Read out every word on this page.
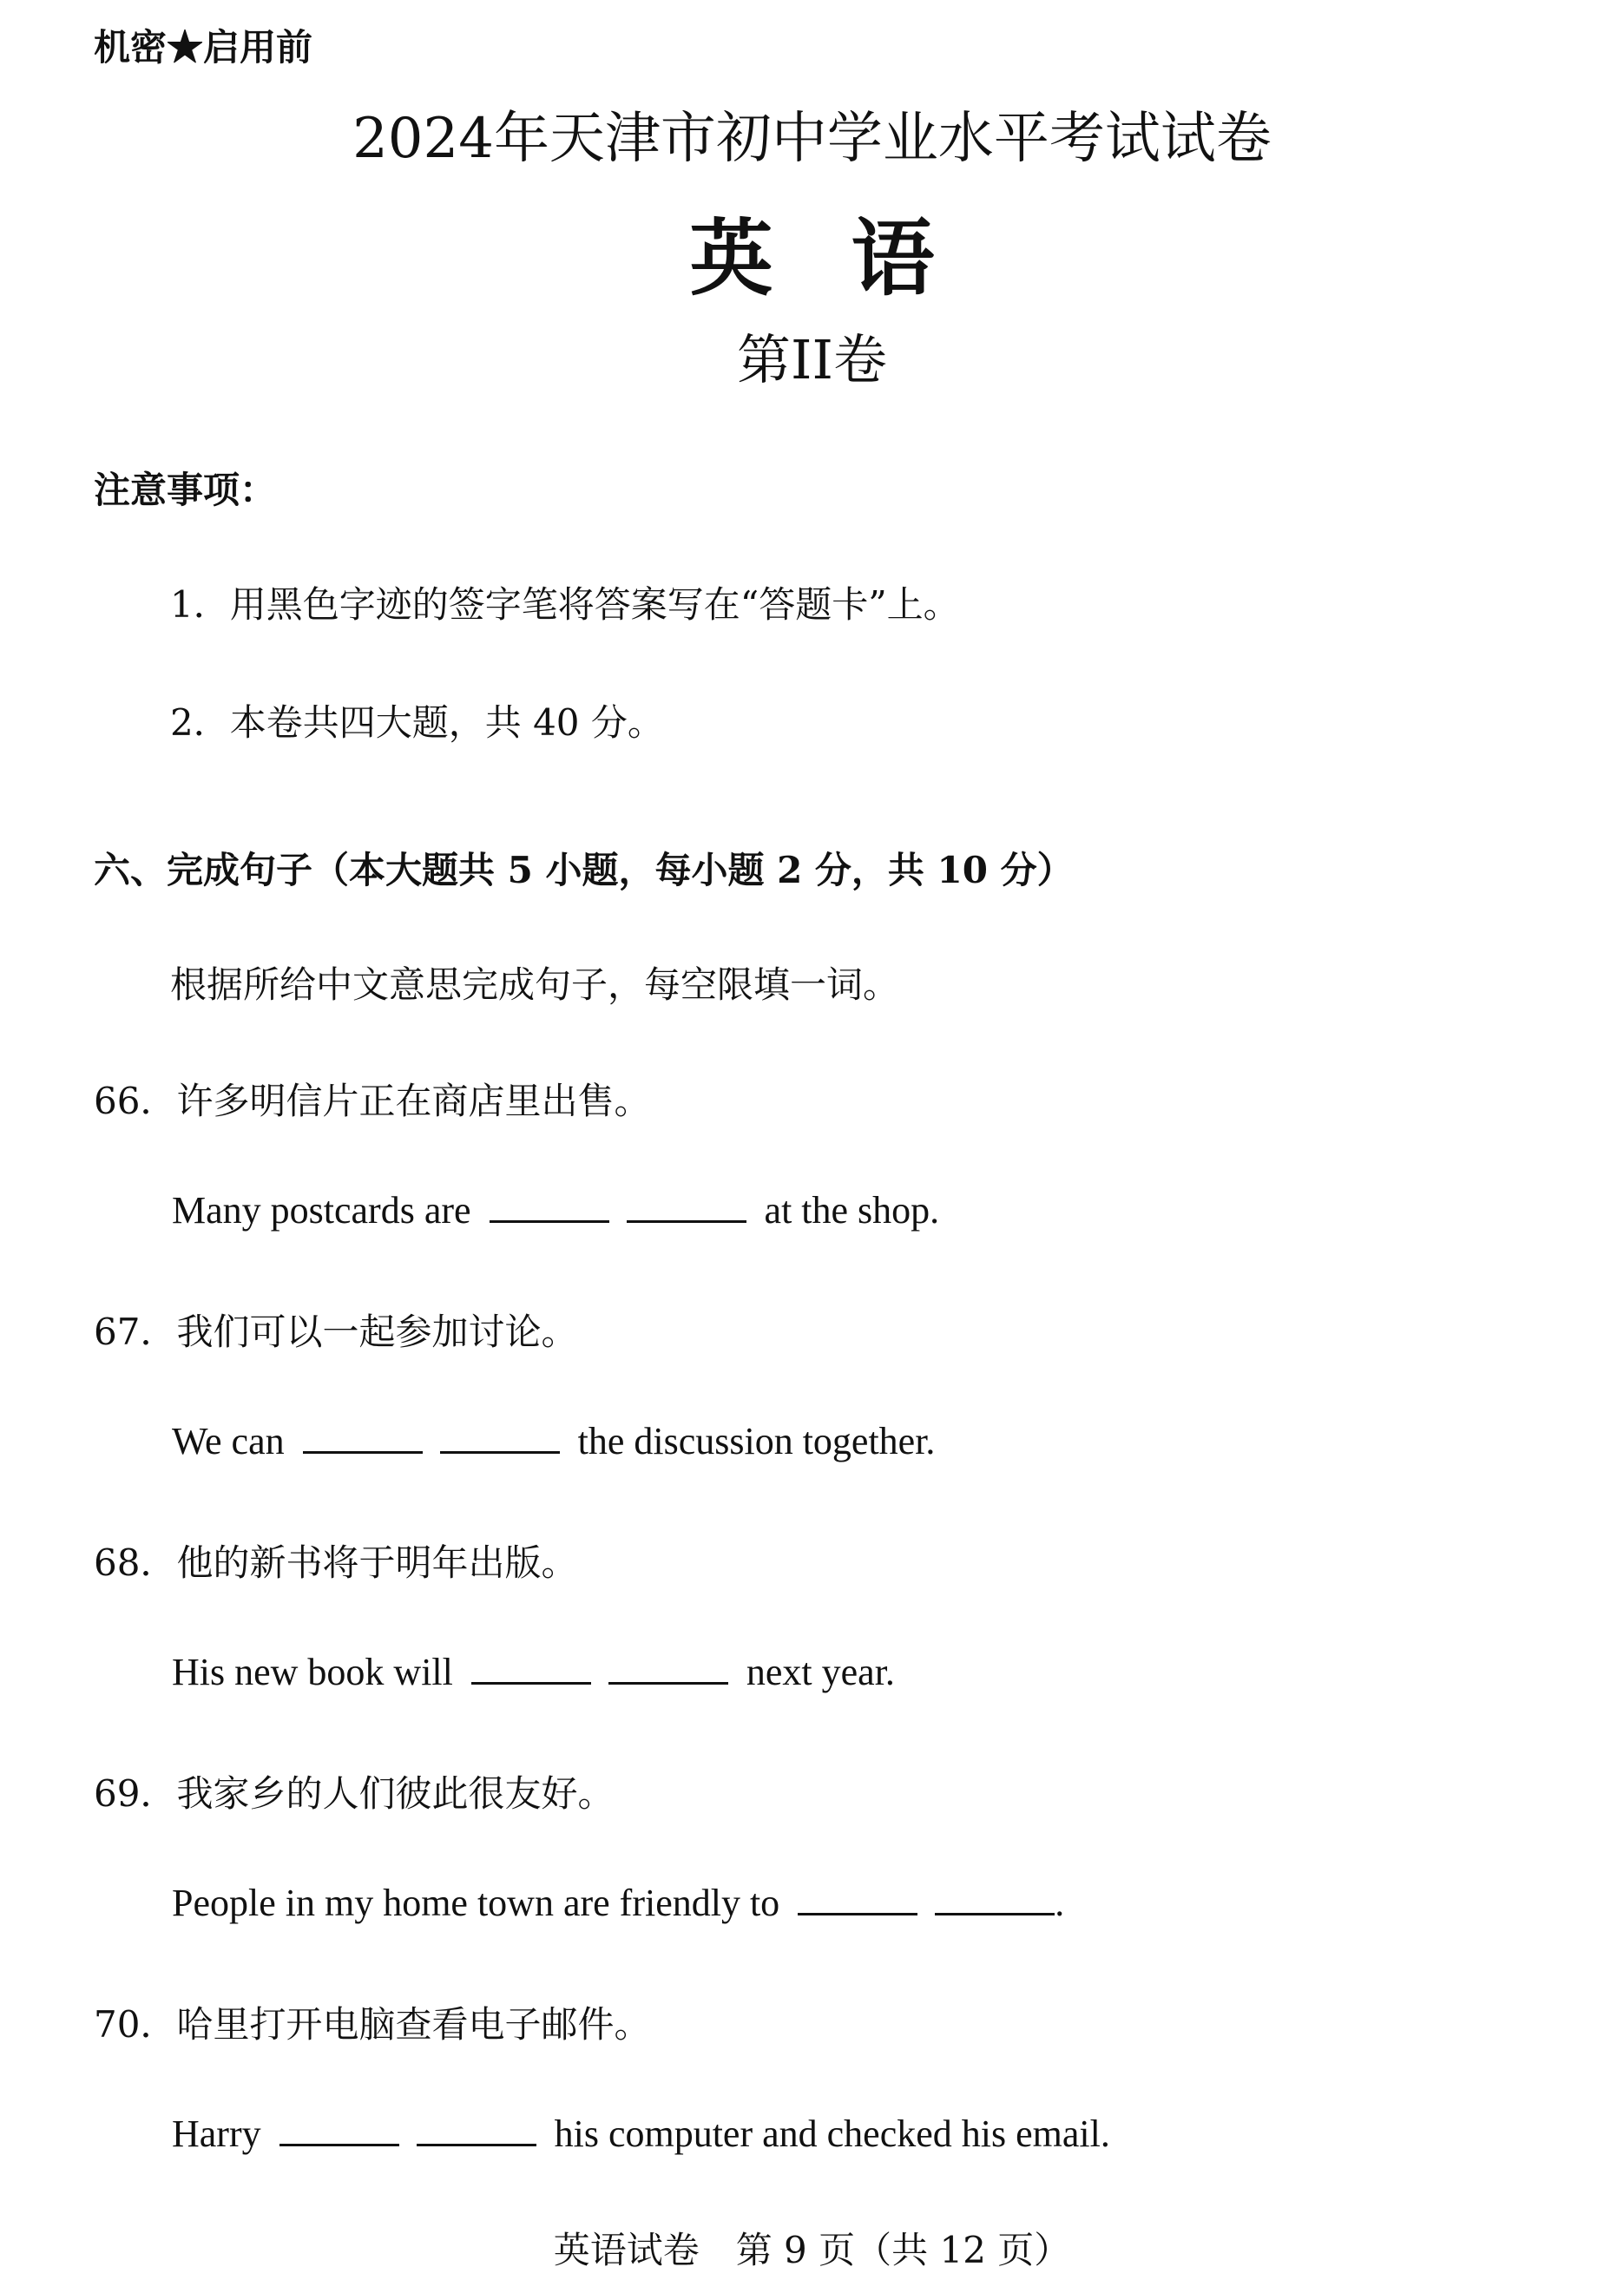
机密★启用前
2024年天津市初中学业水平考试试卷
英语
第II卷
注意事项：
1．用黑色字迹的签字笔将答案写在“答题卡”上。
2．本卷共四大题，共 40 分。
六、完成句子（本大题共 5 小题，每小题 2 分，共 10 分）
根据所给中文意思完成句子，每空限填一词。
66．许多明信片正在商店里出售。
Many postcards are	at the shop.
67．我们可以一起参加讨论。
We can	the discussion together.
68．他的新书将于明年出版。
His new book will	next year.
69．我家乡的人们彼此很友好。
People in my home town are friendly to	.
70．哈里打开电脑查看电子邮件。
Harry	his computer and checked his email.
英语试卷　第 9 页（共 12 页）
